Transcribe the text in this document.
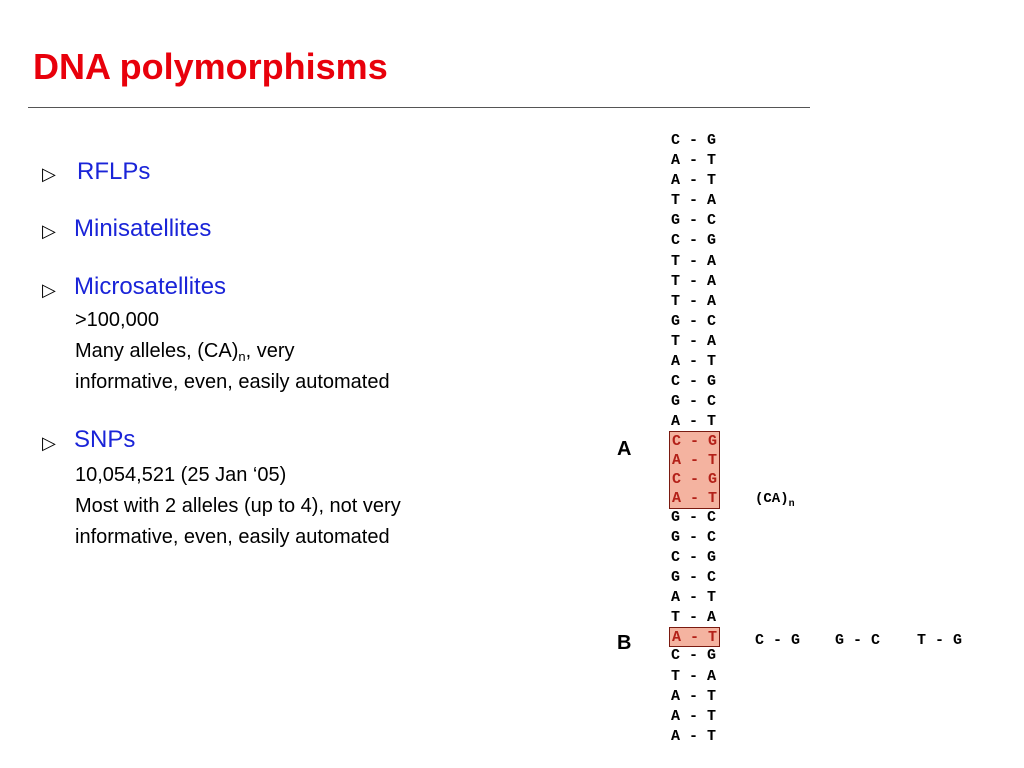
DNA polymorphisms
▷ RFLPs
▷ Minisatellites
▷ Microsatellites
>100,000
Many alleles, $(CA)_n$, very
informative, even, easily automated
▷ SNPs
10,054,521 (25 Jan ‘05)
Most with 2 alleles (up to 4), not very
informative, even, easily automated
C - G
A - T
A - T
T - A
G - C
C - G
T - A
T - A
T - A
G - C
T - A
A - T
C - G
G - C
A - T
C - G
A - T
C - G
A - T
G - C
G - C
C - G
G - C
A - T
T - A
A - T
C - G
T - A
A - T
A - T
A - T
A
B
$(CA)_n$
C - G G - C T - G
